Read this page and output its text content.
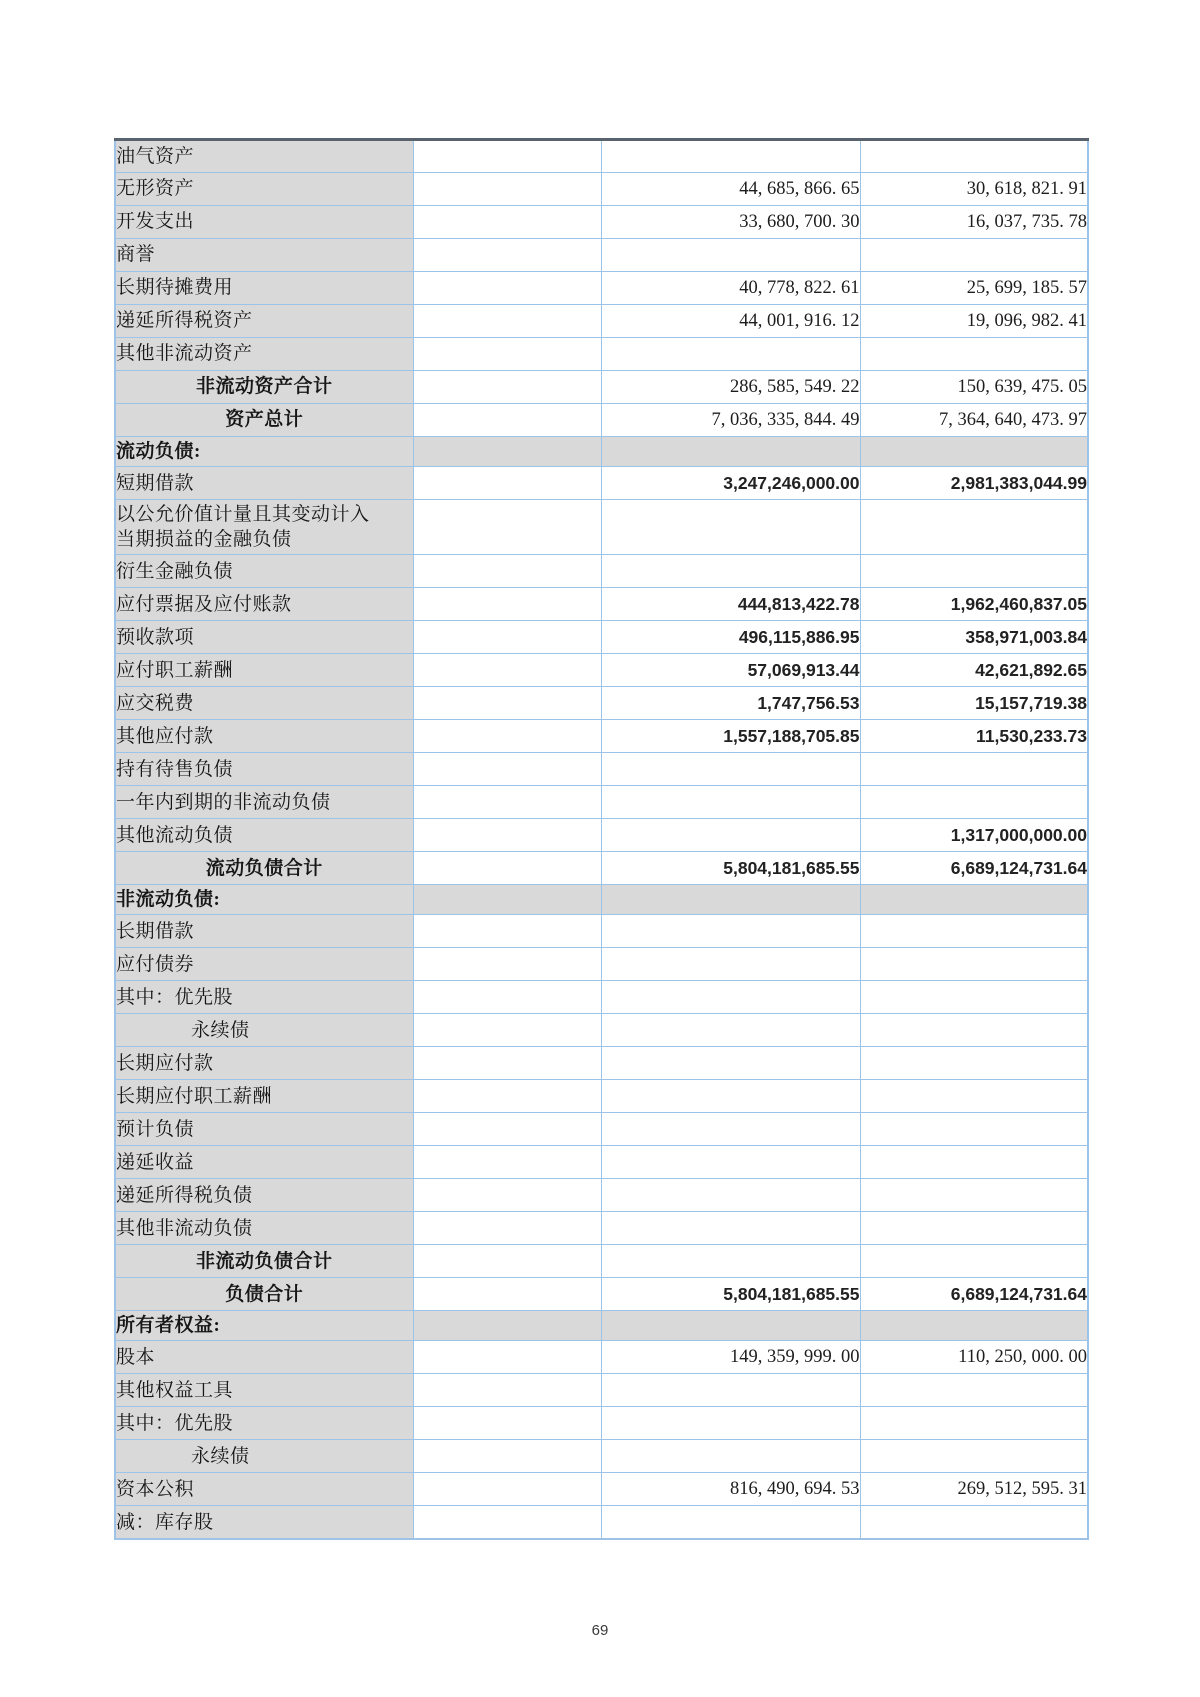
油气资产			
无形资产		44, 685, 866. 65	30, 618, 821. 91
开发支出		33, 680, 700. 30	16, 037, 735. 78
商誉			
长期待摊费用		40, 778, 822. 61	25, 699, 185. 57
递延所得税资产		44, 001, 916. 12	19, 096, 982. 41
其他非流动资产			
非流动资产合计		286, 585, 549. 22	150, 639, 475. 05
资产总计		7, 036, 335, 844. 49	7, 364, 640, 473. 97
流动负债:			
短期借款		3,247,246,000.00	2,981,383,044.99

以公允价值计量且其变动计入
当期损益的金融负债			

衍生金融负债			
应付票据及应付账款		444,813,422.78	1,962,460,837.05
预收款项		496,115,886.95	358,971,003.84
应付职工薪酬		57,069,913.44	42,621,892.65
应交税费		1,747,756.53	15,157,719.38
其他应付款		1,557,188,705.85	11,530,233.73
持有待售负债			
一年内到期的非流动负债			
其他流动负债			1,317,000,000.00
流动负债合计		5,804,181,685.55	6,689,124,731.64
非流动负债:			
长期借款			
应付债券			
其中：优先股			
永续债			
长期应付款			
长期应付职工薪酬			
预计负债			
递延收益			
递延所得税负债			
其他非流动负债			
非流动负债合计			
负债合计		5,804,181,685.55	6,689,124,731.64
所有者权益:			
股本		149, 359, 999. 00	110, 250, 000. 00
其他权益工具			
其中：优先股			
永续债			
资本公积		816, 490, 694. 53	269, 512, 595. 31
减：库存股			
69
